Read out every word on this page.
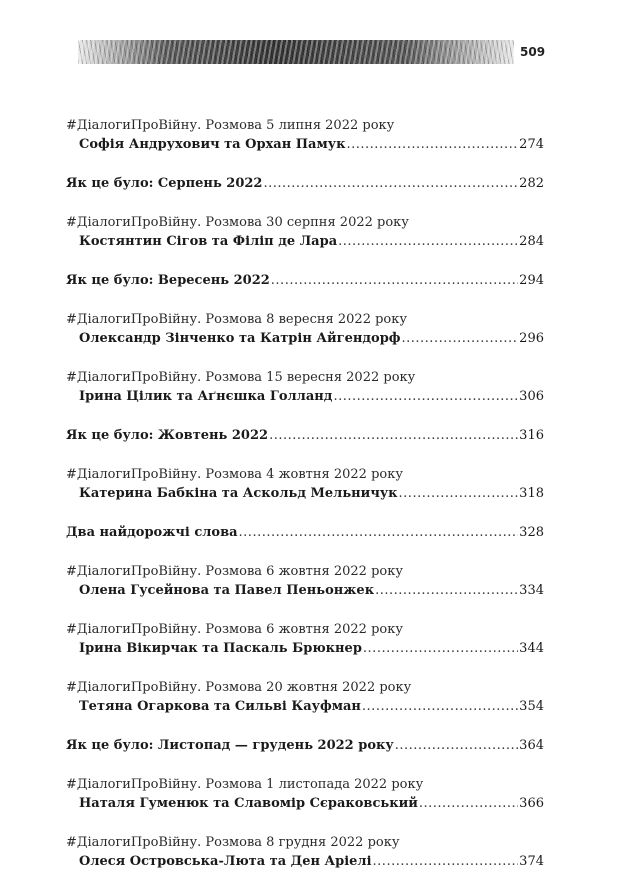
509
#ДіалогиПроВійну. Розмова 5 липня 2022 року
Софія Андрухович та Орхан Памук .....	274
Як це було: Серпень 2022 .....	282
#ДіалогиПроВійну. Розмова 30 серпня 2022 року
Костянтин Сігов та Філіп де Лара .....	284
Як це було: Вересень 2022 .....	294
#ДіалогиПроВійну. Розмова 8 вересня 2022 року
Олександр Зінченко та Катрін Айгендорф .....	296
#ДіалогиПроВійну. Розмова 15 вересня 2022 року
Ірина Цілик та Аґнєшка Голланд .....	306
Як це було: Жовтень 2022 .....	316
#ДіалогиПроВійну. Розмова 4 жовтня 2022 року
Катерина Бабкіна та Аскольд Мельничук .....	318
Два найдорожчі слова .....	328
#ДіалогиПроВійну. Розмова 6 жовтня 2022 року
Олена Гусейнова та Павел Пеньонжек .....	334
#ДіалогиПроВійну. Розмова 6 жовтня 2022 року
Ірина Вікирчак та Паскаль Брюкнер .....	344
#ДіалогиПроВійну. Розмова 20 жовтня 2022 року
Тетяна Огаркова та Сильві Кауфман .....	354
Як це було: Листопад — грудень 2022 року .....	364
#ДіалогиПроВійну. Розмова 1 листопада 2022 року
Наталя Гуменюк та Славомір Сєраковський .....	366
#ДіалогиПроВійну. Розмова 8 грудня 2022 року
Олеся Островська-Люта та Ден Аріелі .....	374
